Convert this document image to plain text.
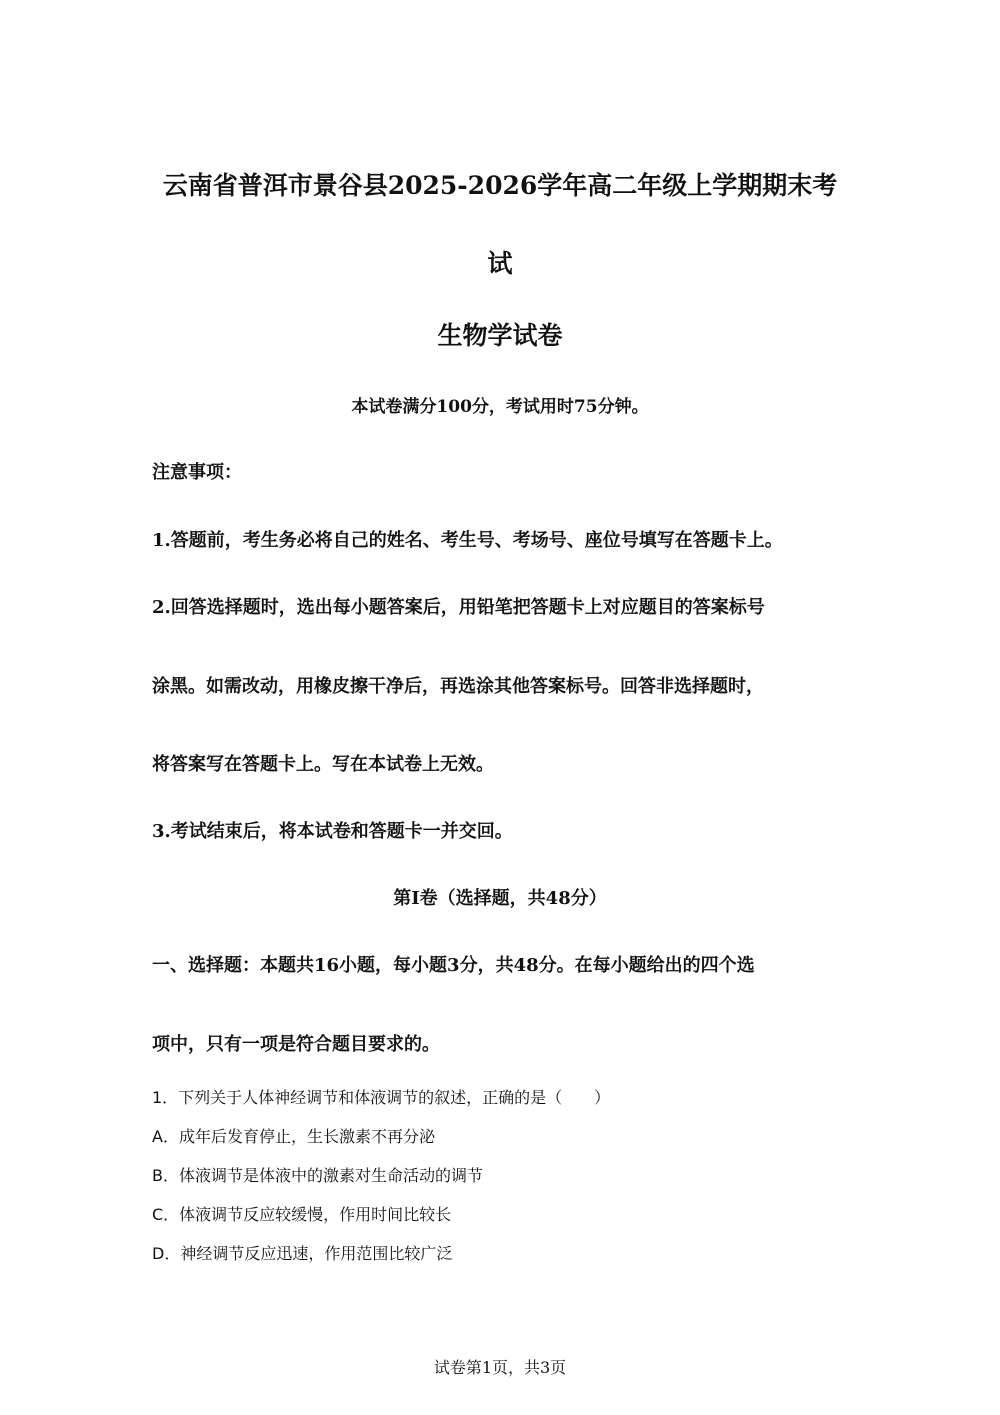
云南省普洱市景谷县2025-2026学年高二年级上学期期末考
试
生物学试卷
本试卷满分100分，考试用时75分钟。
注意事项：
1.答题前，考生务必将自己的姓名、考生号、考场号、座位号填写在答题卡上。
2.回答选择题时，选出每小题答案后，用铅笔把答题卡上对应题目的答案标号
涂黑。如需改动，用橡皮擦干净后，再选涂其他答案标号。回答非选择题时，
将答案写在答题卡上。写在本试卷上无效。
3.考试结束后，将本试卷和答题卡一并交回。
第Ⅰ卷（选择题，共48分）
一、选择题：本题共16小题，每小题3分，共48分。在每小题给出的四个选
项中，只有一项是符合题目要求的。
1．下列关于人体神经调节和体液调节的叙述，正确的是（　　）
A．成年后发育停止，生长激素不再分泌
B．体液调节是体液中的激素对生命活动的调节
C．体液调节反应较缓慢，作用时间比较长
D．神经调节反应迅速，作用范围比较广泛
试卷第1页，共3页
